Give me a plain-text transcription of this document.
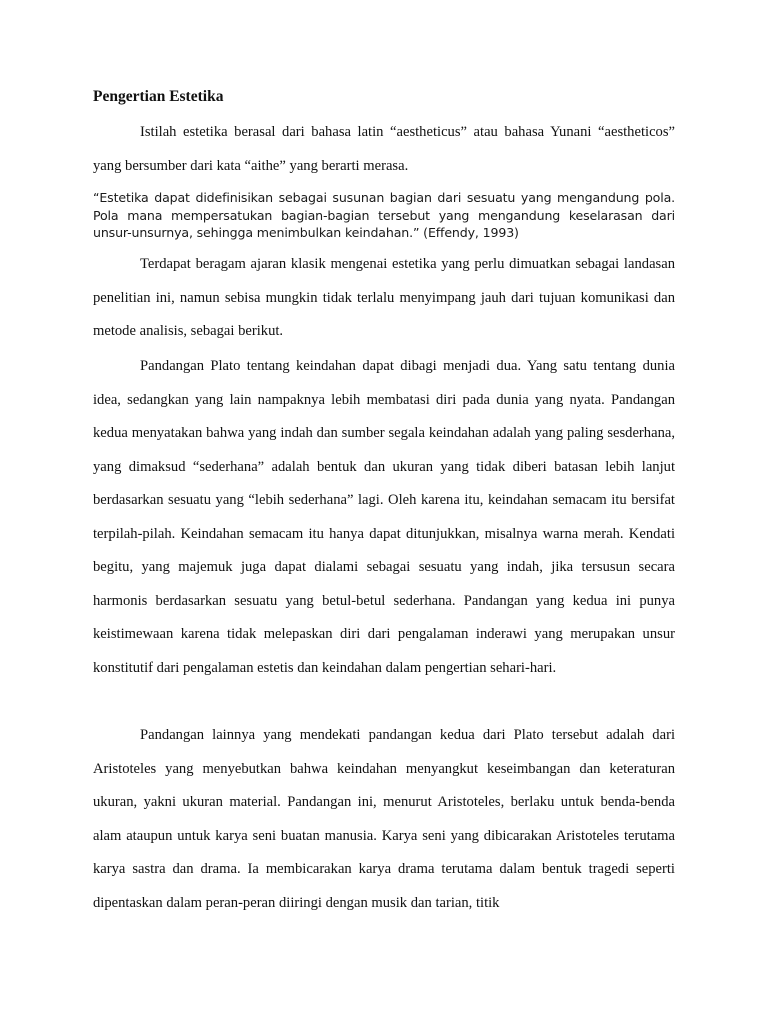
Pengertian Estetika

Istilah estetika berasal dari bahasa latin “aestheticus” atau bahasa Yunani “aestheticos” yang bersumber dari kata “aithe” yang berarti merasa.

“Estetika dapat didefinisikan sebagai susunan bagian dari sesuatu yang mengandung pola. Pola mana mempersatukan bagian-bagian tersebut yang mengandung keselarasan dari unsur-unsurnya, sehingga menimbulkan keindahan.” (Effendy, 1993)

Terdapat beragam ajaran klasik mengenai estetika yang perlu dimuatkan sebagai landasan penelitian ini, namun sebisa mungkin tidak terlalu menyimpang jauh dari tujuan komunikasi dan metode analisis, sebagai berikut.

Pandangan Plato tentang keindahan dapat dibagi menjadi dua. Yang satu tentang dunia idea, sedangkan yang lain nampaknya lebih membatasi diri pada dunia yang nyata. Pandangan kedua menyatakan bahwa yang indah dan sumber segala keindahan adalah yang paling sesderhana, yang dimaksud “sederhana” adalah bentuk dan ukuran yang tidak diberi batasan lebih lanjut berdasarkan sesuatu yang “lebih sederhana” lagi. Oleh karena itu, keindahan semacam itu bersifat terpilah-pilah. Keindahan semacam itu hanya dapat ditunjukkan, misalnya warna merah. Kendati begitu, yang majemuk juga dapat dialami sebagai sesuatu yang indah, jika tersusun secara harmonis berdasarkan sesuatu yang betul-betul sederhana. Pandangan yang kedua ini punya keistimewaan karena tidak melepaskan diri dari pengalaman inderawi yang merupakan unsur konstitutif dari pengalaman estetis dan keindahan dalam pengertian sehari-hari.

Pandangan lainnya yang mendekati pandangan kedua dari Plato tersebut adalah dari Aristoteles yang menyebutkan bahwa keindahan menyangkut keseimbangan dan keteraturan ukuran, yakni ukuran material. Pandangan ini, menurut Aristoteles, berlaku untuk benda-benda alam ataupun untuk karya seni buatan manusia. Karya seni yang dibicarakan Aristoteles terutama karya sastra dan drama. Ia membicarakan karya drama terutama dalam bentuk tragedi seperti dipentaskan dalam peran-peran diiringi dengan musik dan tarian, titik
